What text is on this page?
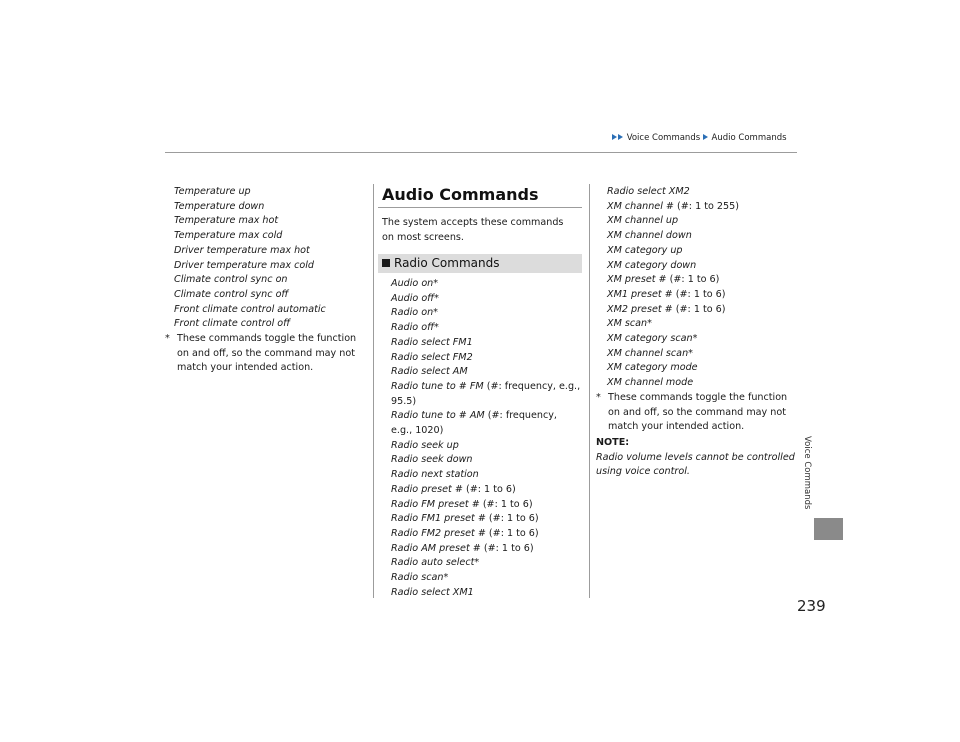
Voice Commands Audio Commands
Temperature up
Temperature down
Temperature max hot
Temperature max cold
Driver temperature max hot
Driver temperature max cold
Climate control sync on
Climate control sync off
Front climate control automatic
Front climate control off
* These commands toggle the function on and off, so the command may not match your intended action.
Audio Commands
The system accepts these commands on most screens.
Radio Commands
Audio on*
Audio off*
Radio on*
Radio off*
Radio select FM1
Radio select FM2
Radio select AM
Radio tune to # FM (#: frequency, e.g., 95.5)
Radio tune to # AM (#: frequency, e.g., 1020)
Radio seek up
Radio seek down
Radio next station
Radio preset # (#: 1 to 6)
Radio FM preset # (#: 1 to 6)
Radio FM1 preset # (#: 1 to 6)
Radio FM2 preset # (#: 1 to 6)
Radio AM preset # (#: 1 to 6)
Radio auto select*
Radio scan*
Radio select XM1
Radio select XM2
XM channel # (#: 1 to 255)
XM channel up
XM channel down
XM category up
XM category down
XM preset # (#: 1 to 6)
XM1 preset # (#: 1 to 6)
XM2 preset # (#: 1 to 6)
XM scan*
XM category scan*
XM channel scan*
XM category mode
XM channel mode
* These commands toggle the function on and off, so the command may not match your intended action.
NOTE:
Radio volume levels cannot be controlled using voice control.	Voice Commands
239
